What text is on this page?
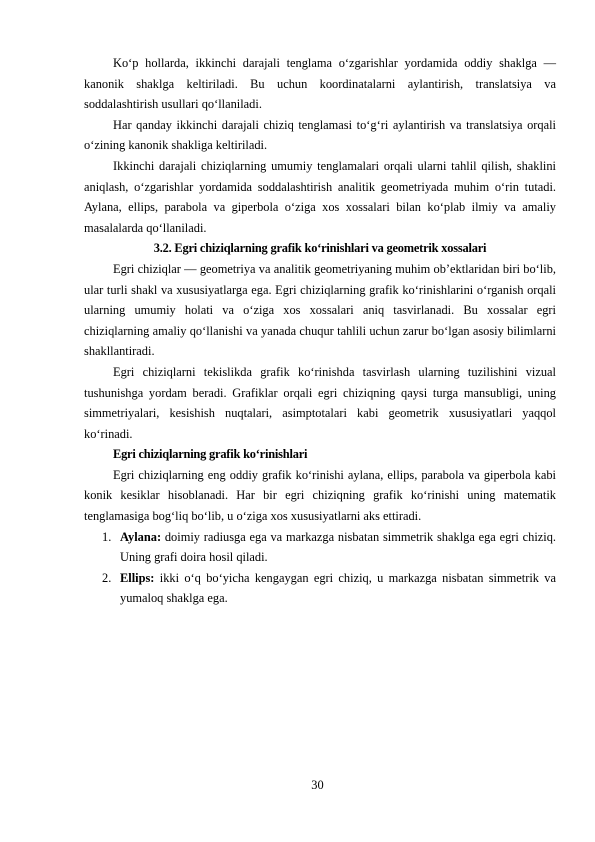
Ko‘p hollarda, ikkinchi darajali tenglama o‘zgarishlar yordamida oddiy shaklga — kanonik shaklga keltiriladi. Bu uchun koordinatalarni aylantirish, translatsiya va soddalashtirish usullari qo‘llaniladi.

Har qanday ikkinchi darajali chiziq tenglamasi to‘g‘ri aylantirish va translatsiya orqali o‘zining kanonik shakliga keltiriladi.

Ikkinchi darajali chiziqlarning umumiy tenglamalari orqali ularni tahlil qilish, shaklini aniqlash, o‘zgarishlar yordamida soddalashtirish analitik geometriyada muhim o‘rin tutadi. Aylana, ellips, parabola va giperbola o‘ziga xos xossalari bilan ko‘plab ilmiy va amaliy masalalarda qo‘llaniladi.

3.2. Egri chiziqlarning grafik ko‘rinishlari va geometrik xossalari

Egri chiziqlar — geometriya va analitik geometriyaning muhim ob’ektlaridan biri bo‘lib, ular turli shakl va xususiyatlarga ega. Egri chiziqlarning grafik ko‘rinishlarini o‘rganish orqali ularning umumiy holati va o‘ziga xos xossalari aniq tasvirlanadi. Bu xossalar egri chiziqlarning amaliy qo‘llanishi va yanada chuqur tahlili uchun zarur bo‘lgan asosiy bilimlarni shakllantiradi.

Egri chiziqlarni tekislikda grafik ko‘rinishda tasvirlash ularning tuzilishini vizual tushunishga yordam beradi. Grafiklar orqali egri chiziqning qaysi turga mansubligi, uning simmetriyalari, kesishish nuqtalari, asimptotalari kabi geometrik xususiyatlari yaqqol ko‘rinadi.

Egri chiziqlarning grafik ko‘rinishlari

Egri chiziqlarning eng oddiy grafik ko‘rinishi aylana, ellips, parabola va giperbola kabi konik kesiklar hisoblanadi. Har bir egri chiziqning grafik ko‘rinishi uning matematik tenglamasiga bog‘liq bo‘lib, u o‘ziga xos xususiyatlarni aks ettiradi.

1. Aylana: doimiy radiusga ega va markazga nisbatan simmetrik shaklga ega egri chiziq. Uning grafi doira hosil qiladi.
2. Ellips: ikki o‘q bo‘yicha kengaygan egri chiziq, u markazga nisbatan simmetrik va yumaloq shaklga ega.
30
